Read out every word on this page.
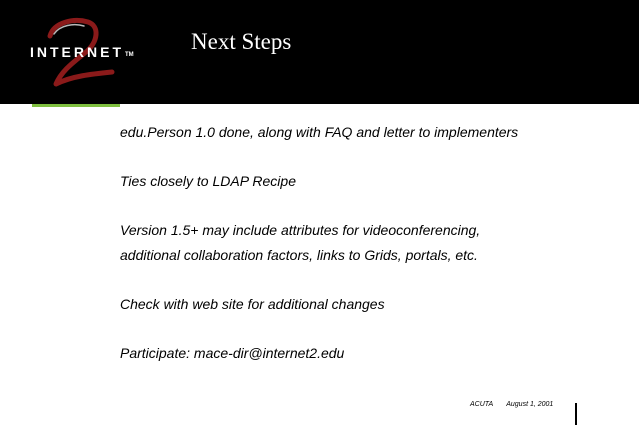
INTERNETTM
Next Steps
edu.Person 1.0 done, along with FAQ and letter to implementers
Ties closely to LDAP Recipe
Version 1.5+ may include attributes for videoconferencing,
additional collaboration factors, links to Grids, portals, etc.
Check with web site for additional changes
Participate: mace-dir@internet2.edu
ACUTA August 1, 2001
